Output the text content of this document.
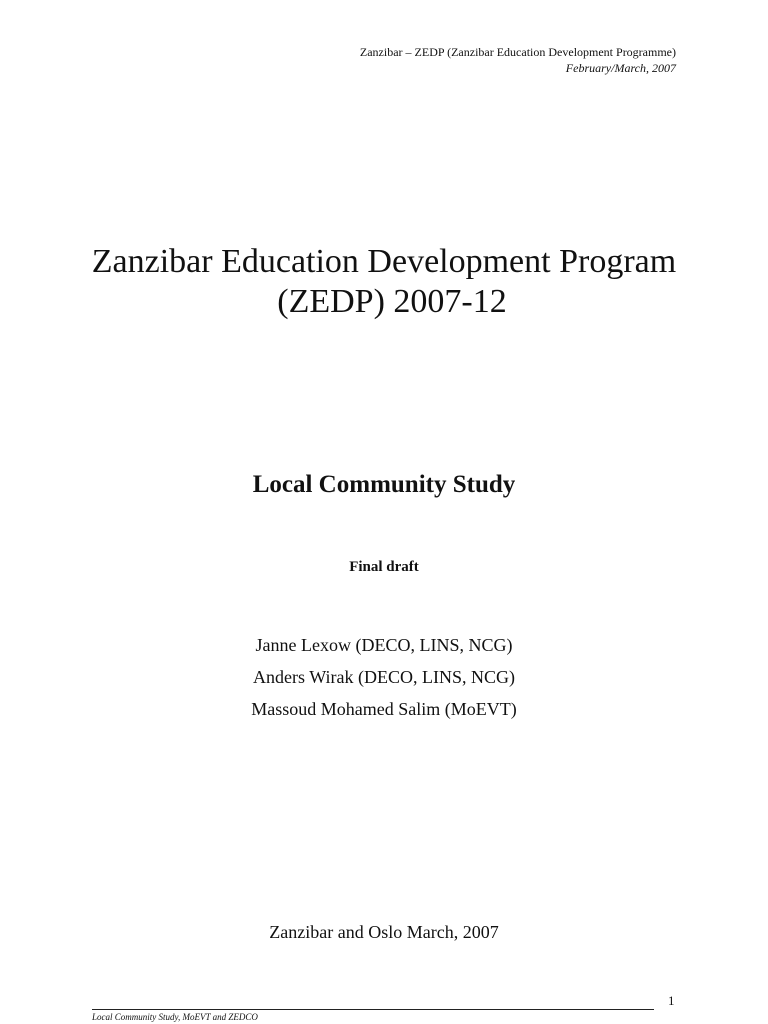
Zanzibar – ZEDP (Zanzibar Education Development Programme)
February/March, 2007
Zanzibar Education Development Program
(ZEDP) 2007-12
Local Community Study
Final draft
Janne Lexow (DECO, LINS, NCG)
Anders Wirak (DECO, LINS, NCG)
Massoud Mohamed Salim (MoEVT)
Zanzibar and Oslo March, 2007
1
Local Community Study, MoEVT and ZEDCO
